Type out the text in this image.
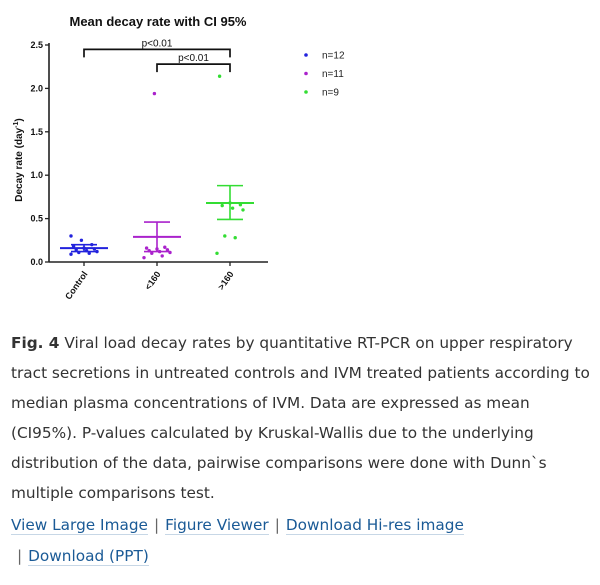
Mean decay rate with CI 95%
Decay rate (day$^{-1}$)
0.0
0.5
1.0
1.5
2.0
2.5
Control	<160	>160
p<0.01
p<0.01	n=12
n=11
n=9

Fig. 4 Viral load decay rates by quantitative RT-PCR on upper respiratory tract secretions in untreated controls and IVM treated patients according to median plasma concentrations of IVM. Data are expressed as mean (CI95%). P-values calculated by Kruskal-Wallis due to the underlying distribution of the data, pairwise comparisons were done with Dunn`s multiple comparisons test.

View Large Image | Figure Viewer | Download Hi-res image
| Download (PPT)
